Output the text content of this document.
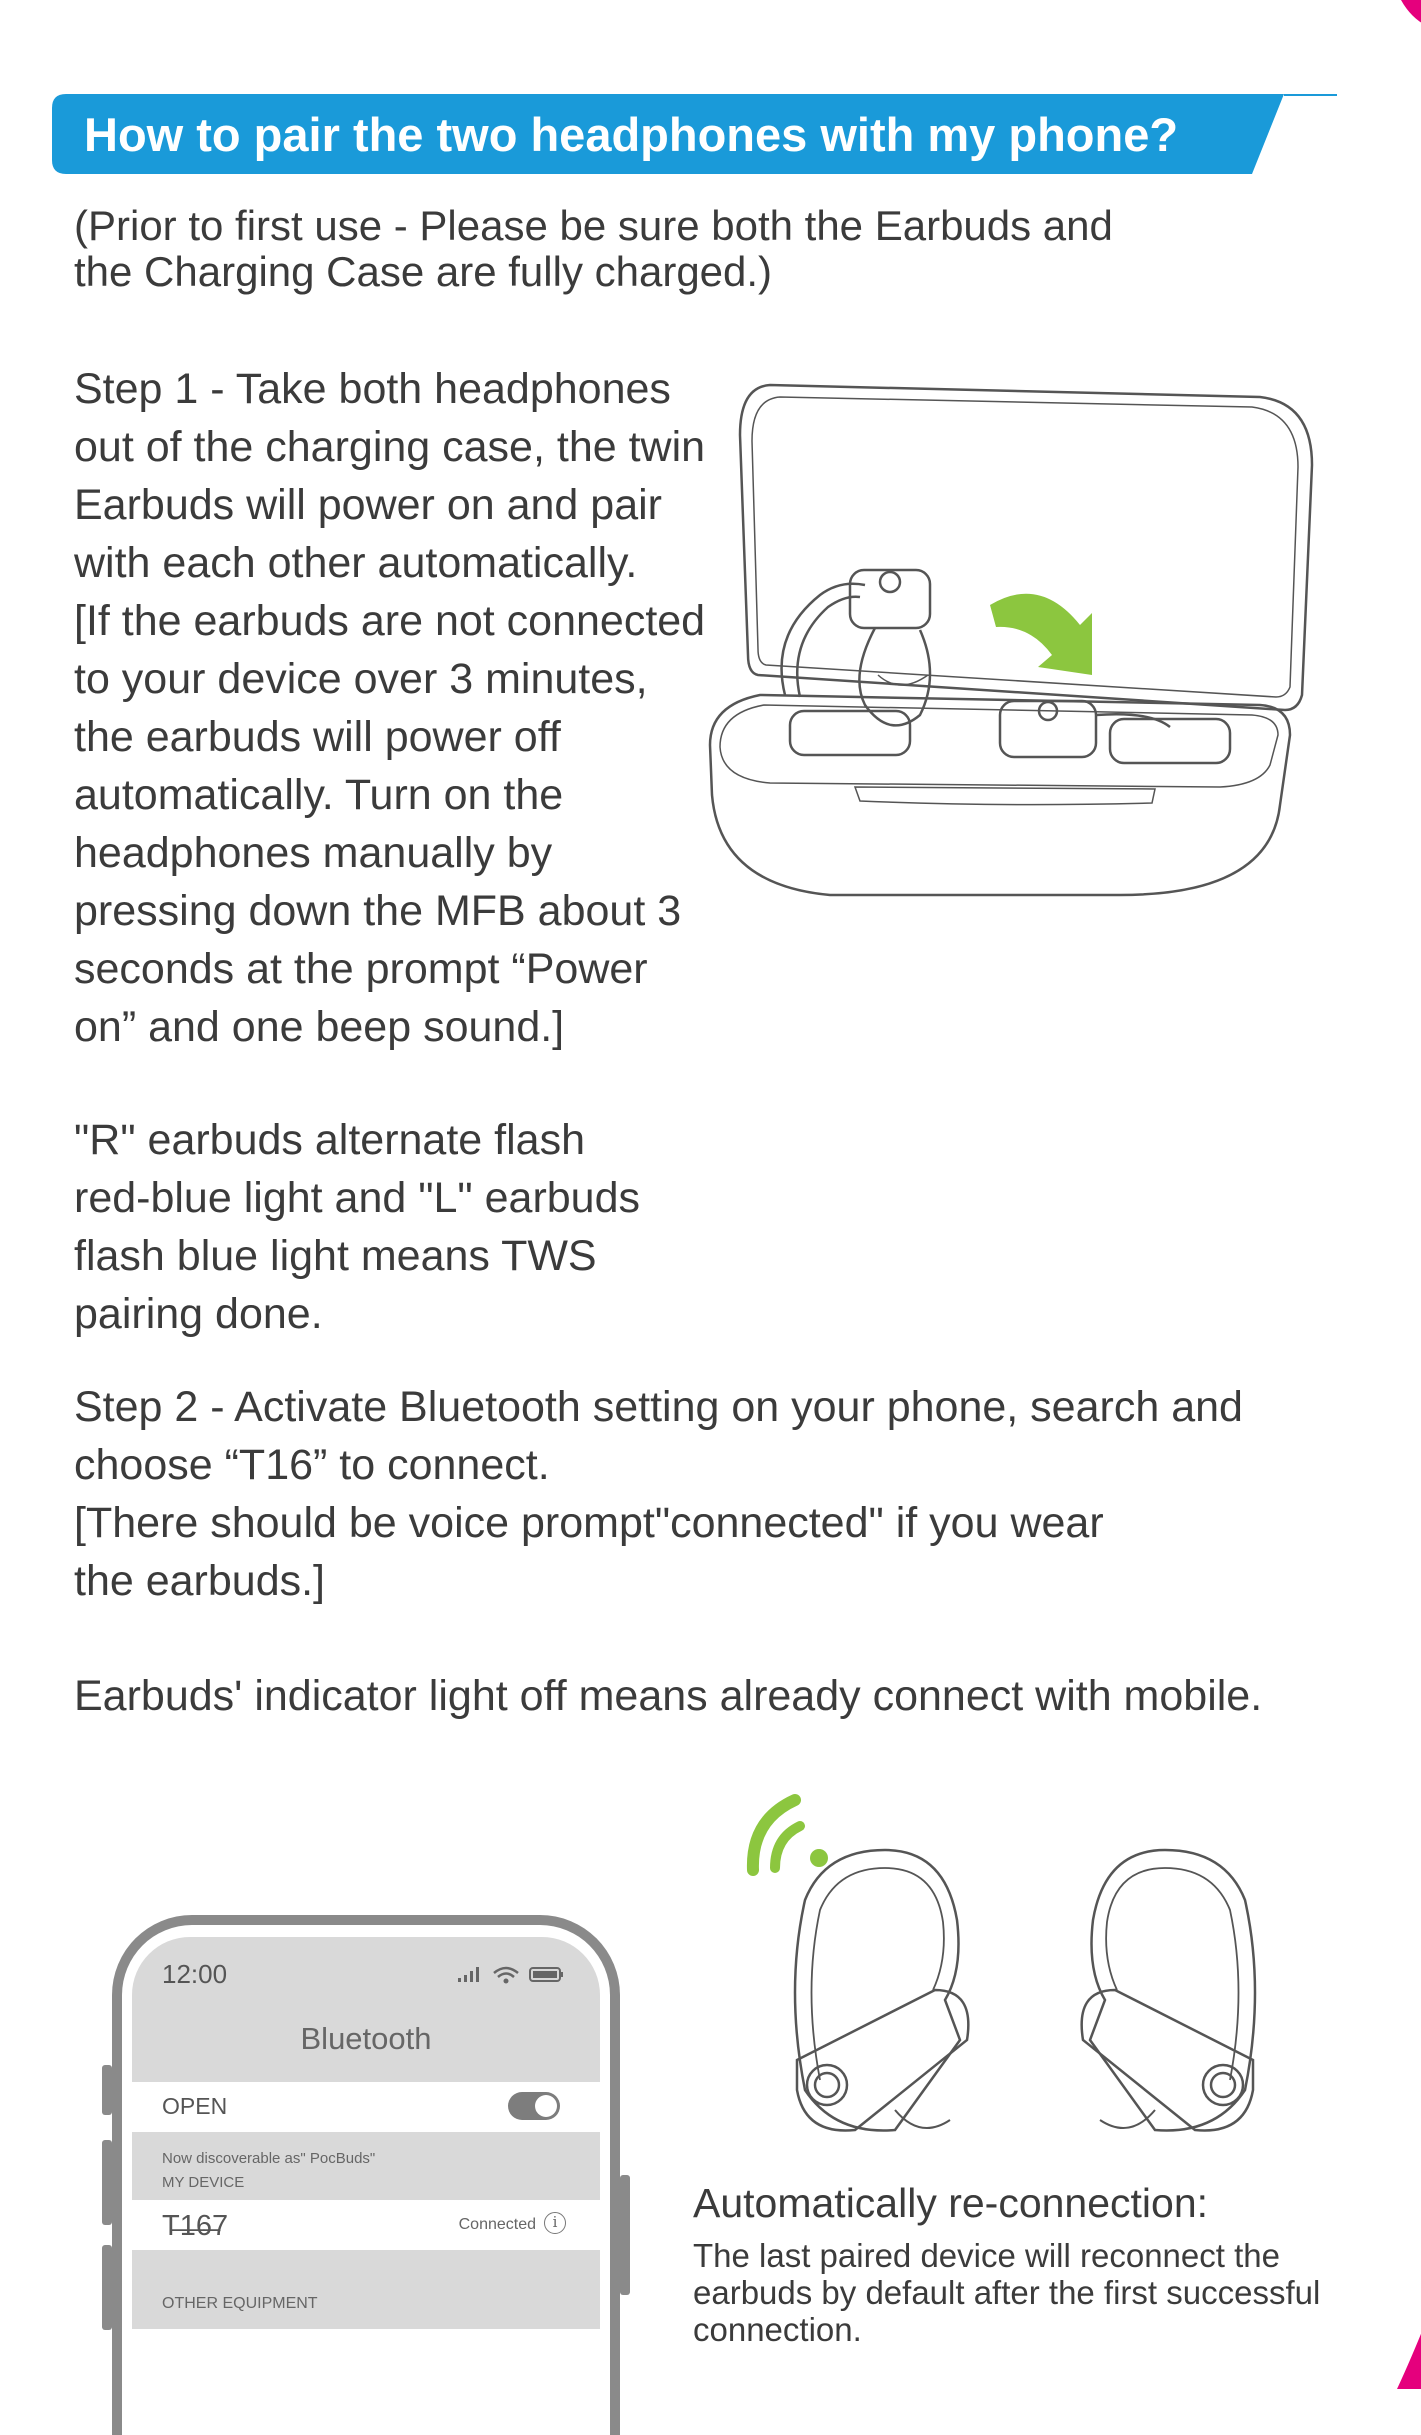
How to pair the two headphones with my phone?
(Prior to first use - Please be sure both the Earbuds and
the Charging Case are fully charged.)
Step 1 - Take both headphones
out of the charging case, the twin
Earbuds will power on and pair
with each other automatically.
[If the earbuds are not connected
to your device over 3 minutes,
the earbuds will power off
automatically. Turn on the
headphones manually by
pressing down the MFB about 3
seconds at the prompt “Power
on” and one beep sound.]
"R" earbuds alternate flash
red-blue light and "L" earbuds
flash blue light means TWS
pairing done.
Step 2 - Activate Bluetooth setting on your phone, search and
choose “T16” to connect.
[There should be voice prompt"connected" if you wear
the earbuds.]
Earbuds' indicator light off means already connect with mobile.
12:00
Bluetooth
OPEN
Now discoverable as" PocBuds"
MY DEVICE
T̶1̶6̶7	Connected	i
OTHER EQUIPMENT
Automatically re-connection:
The last paired device will reconnect the earbuds by default after the first successful connection.
